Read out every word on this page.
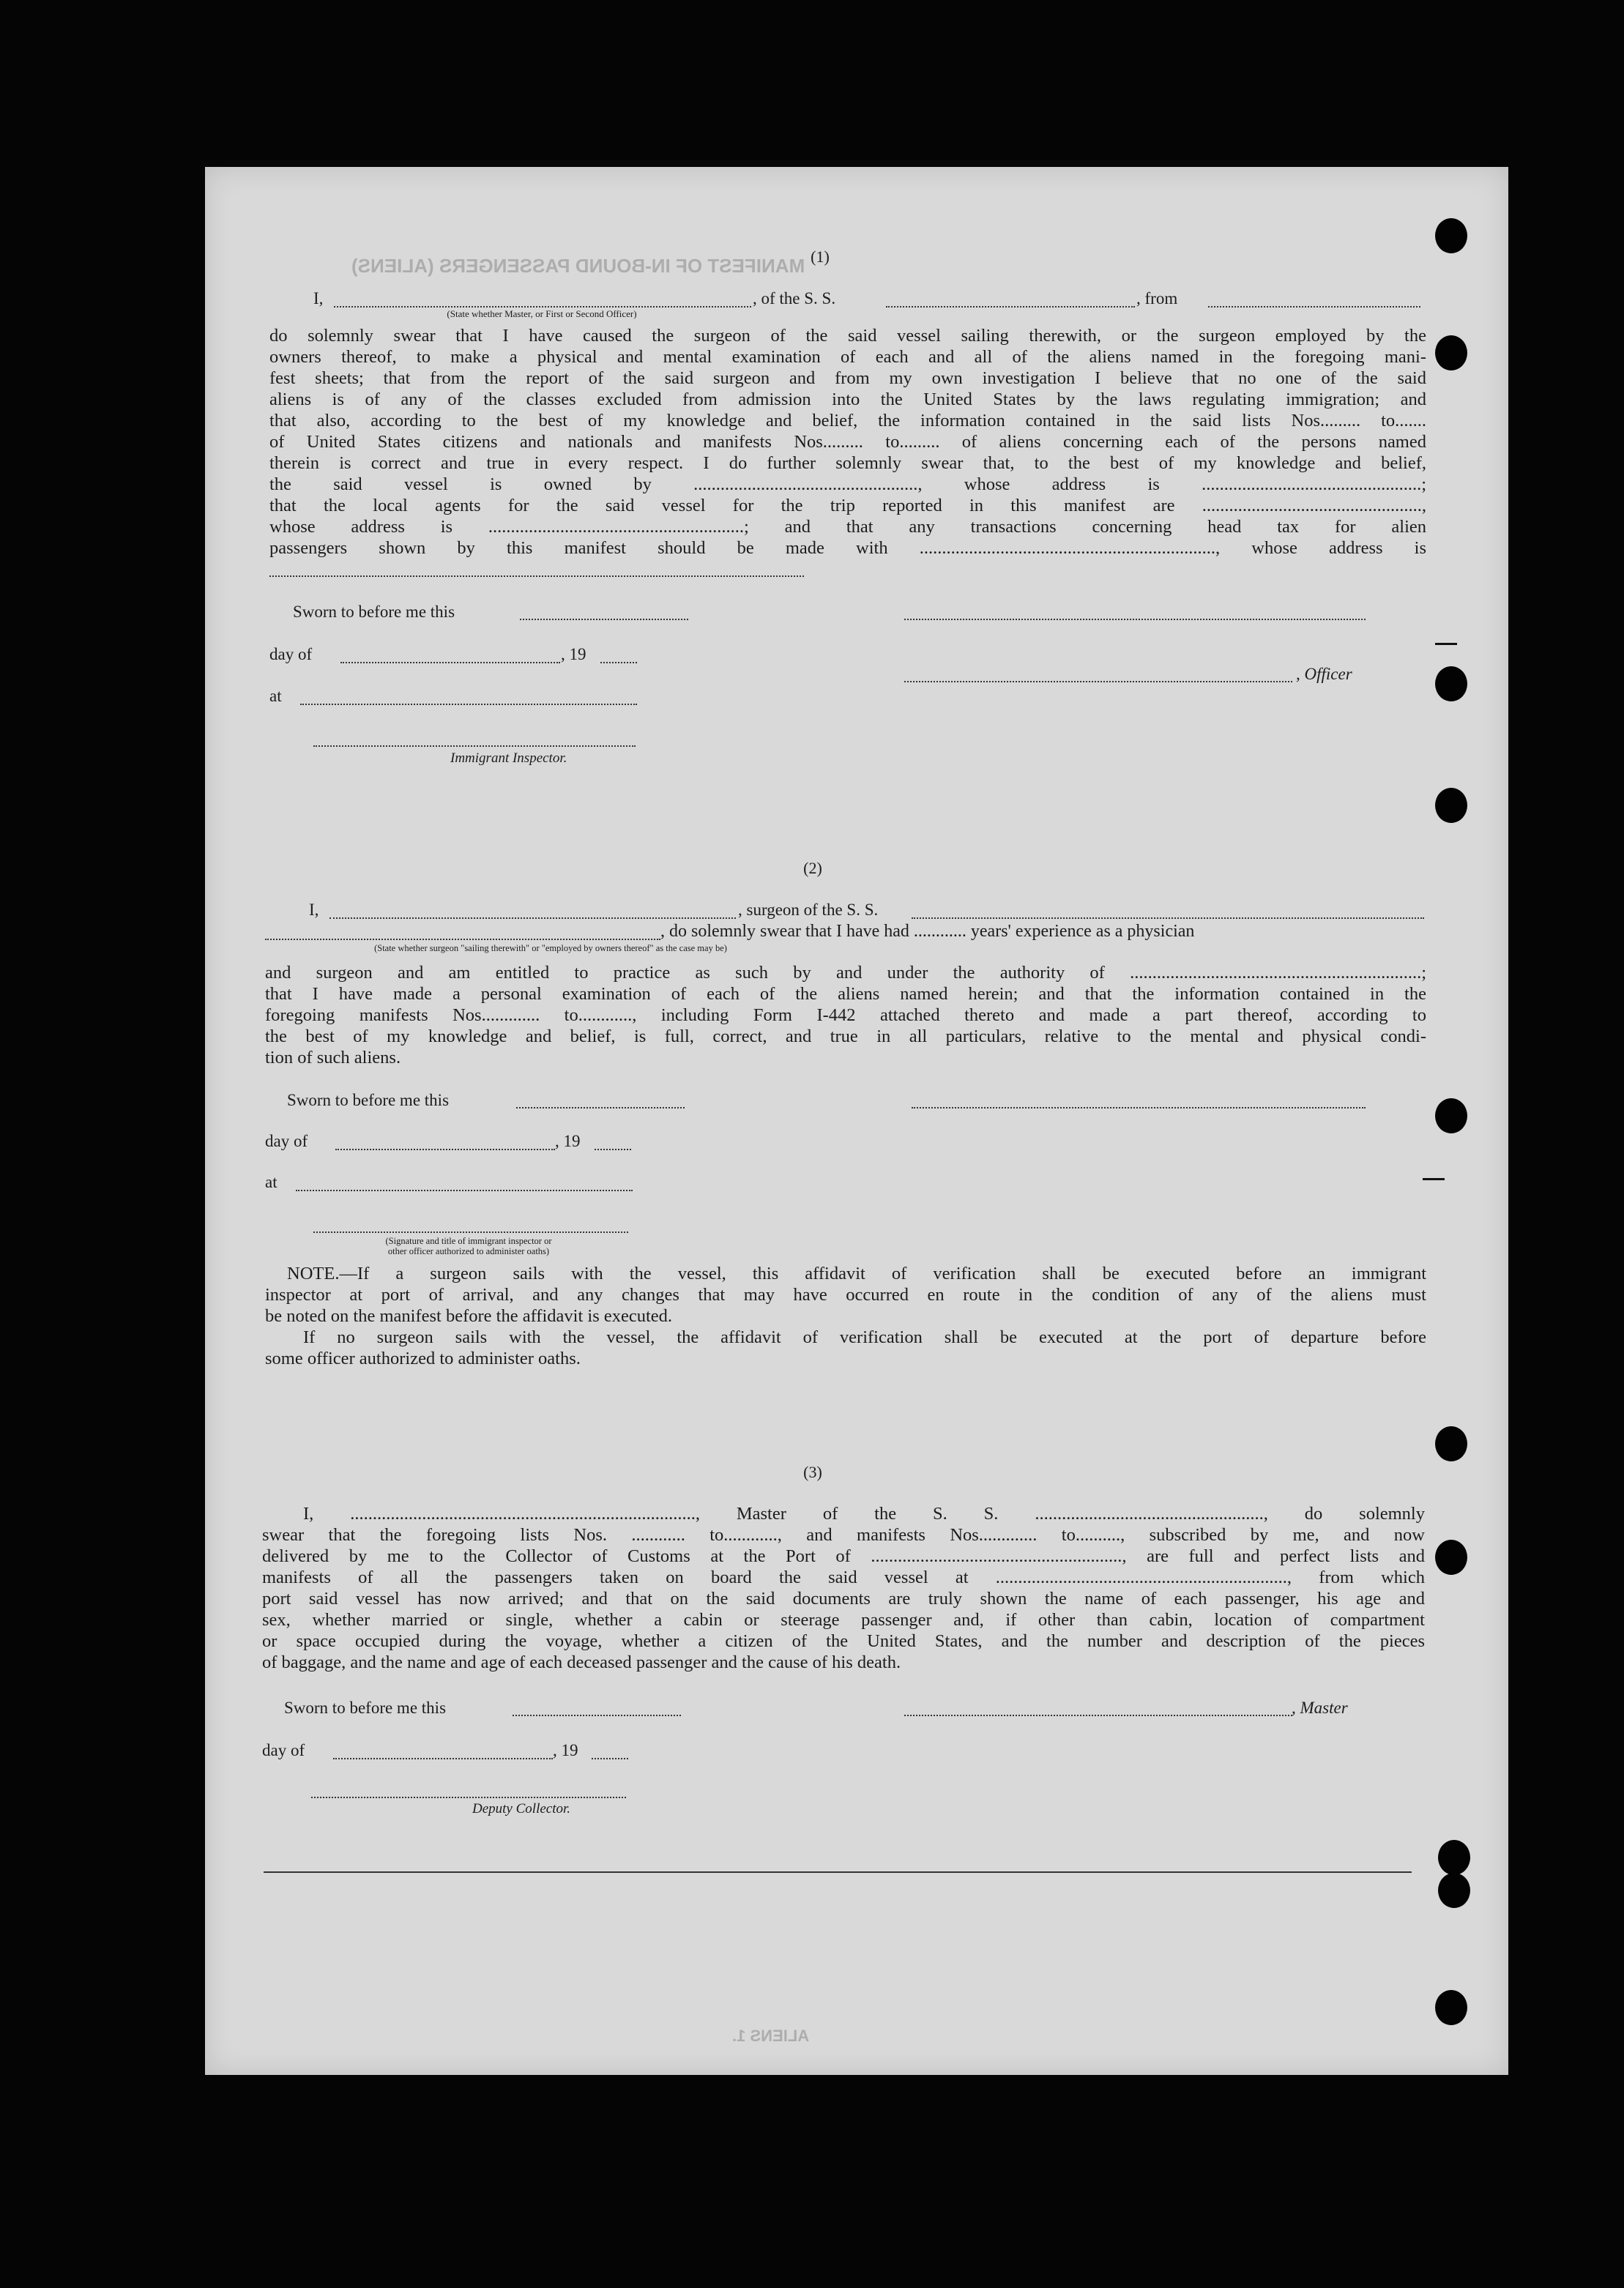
MANIFEST OF IN-BOUND PASSENGERS (ALIENS)
ALIENS 1.
(1)
I,	, of the S. S.	, from
(State whether Master, or First or Second Officer)
do solemnly swear that I have caused the surgeon of the said vessel sailing therewith, or the surgeon employed by the
owners thereof, to make a physical and mental examination of each and all of the aliens named in the foregoing mani-
fest sheets; that from the report of the said surgeon and from my own investigation I believe that no one of the said
aliens is of any of the classes excluded from admission into the United States by the laws regulating immigration; and
that also, according to the best of my knowledge and belief, the information contained in the said lists Nos......... to.......
of United States citizens and nationals and manifests Nos......... to......... of aliens concerning each of the persons named
therein is correct and true in every respect. I do further solemnly swear that, to the best of my knowledge and belief,
the said vessel is owned by .................................................., whose address is .................................................;
that the local agents for the said vessel for the trip reported in this manifest are .................................................,
whose address is .........................................................; and that any transactions concerning head tax for alien
passengers shown by this manifest should be made with .................................................................., whose address is
Sworn to before me this
day of	, 19
, Officer
at
Immigrant Inspector.
(2)
I,	, surgeon of the S. S.
, do solemnly swear that I have had ............ years' experience as a physician
(State whether surgeon "sailing therewith" or "employed by owners thereof" as the case may be)
and surgeon and am entitled to practice as such by and under the authority of .................................................................;
that I have made a personal examination of each of the aliens named herein; and that the information contained in the
foregoing manifests Nos............. to............, including Form I-442 attached thereto and made a part thereof, according to
the best of my knowledge and belief, is full, correct, and true in all particulars, relative to the mental and physical condi-
tion of such aliens.
Sworn to before me this
day of	, 19
at
(Signature and title of immigrant inspector or
other officer authorized to administer oaths)
NOTE.—If a surgeon sails with the vessel, this affidavit of verification shall be executed before an immigrant
inspector at port of arrival, and any changes that may have occurred en route in the condition of any of the aliens must
be noted on the manifest before the affidavit is executed.
If no surgeon sails with the vessel, the affidavit of verification shall be executed at the port of departure before
some officer authorized to administer oaths.
(3)
I, ............................................................................., Master of the S. S. ..................................................., do solemnly
swear that the foregoing lists Nos. ............ to............, and manifests Nos............. to.........., subscribed by me, and now
delivered by me to the Collector of Customs at the Port of ........................................................, are full and perfect lists and
manifests of all the passengers taken on board the said vessel at ................................................................., from which
port said vessel has now arrived; and that on the said documents are truly shown the name of each passenger, his age and
sex, whether married or single, whether a cabin or steerage passenger and, if other than cabin, location of compartment
or space occupied during the voyage, whether a citizen of the United States, and the number and description of the pieces
of baggage, and the name and age of each deceased passenger and the cause of his death.
Sworn to before me this	, Master
day of	, 19
Deputy Collector.
